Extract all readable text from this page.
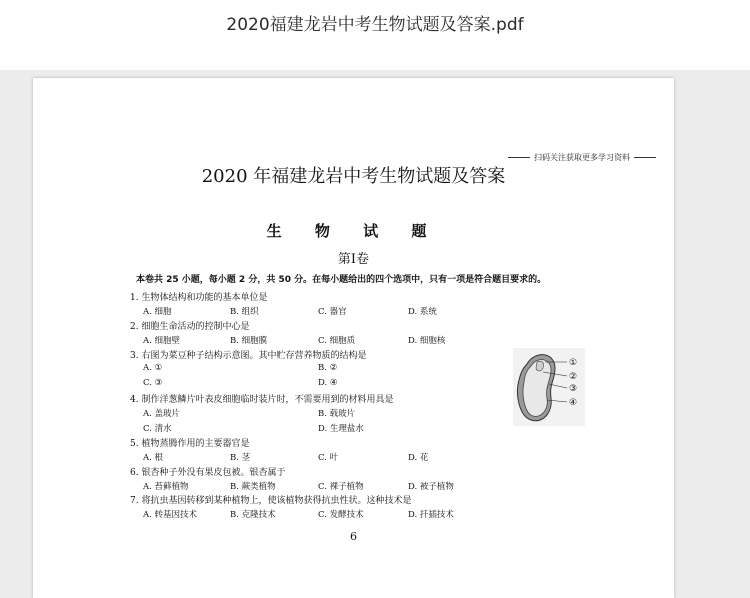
2020福建龙岩中考生物试题及答案.pdf
扫码关注获取更多学习资料
2020 年福建龙岩中考生物试题及答案
生 物 试 题
第Ⅰ卷
本卷共 25 小题，每小题 2 分，共 50 分。在每小题给出的四个选项中，只有一项是符合题目要求的。
1. 生物体结构和功能的基本单位是
A. 细胞	B. 组织	C. 器官	D. 系统
2. 细胞生命活动的控制中心是
A. 细胞壁	B. 细胞膜	C. 细胞质	D. 细胞核
3. 右图为菜豆种子结构示意图。其中贮存营养物质的结构是
A. ①	B. ②
C. ③	D. ④
4. 制作洋葱鳞片叶表皮细胞临时装片时，不需要用到的材料用具是
A. 盖玻片	B. 载玻片
C. 清水	D. 生理盐水
5. 植物蒸腾作用的主要器官是
A. 根	B. 茎	C. 叶	D. 花
6. 银杏种子外没有果皮包被。银杏属于
A. 苔藓植物	B. 蕨类植物	C. 裸子植物	D. 被子植物
7. 将抗虫基因转移到某种植物上，使该植物获得抗虫性状。这种技术是
A. 转基因技术	B. 克隆技术	C. 发酵技术	D. 扦插技术
①
②
③
④
6
